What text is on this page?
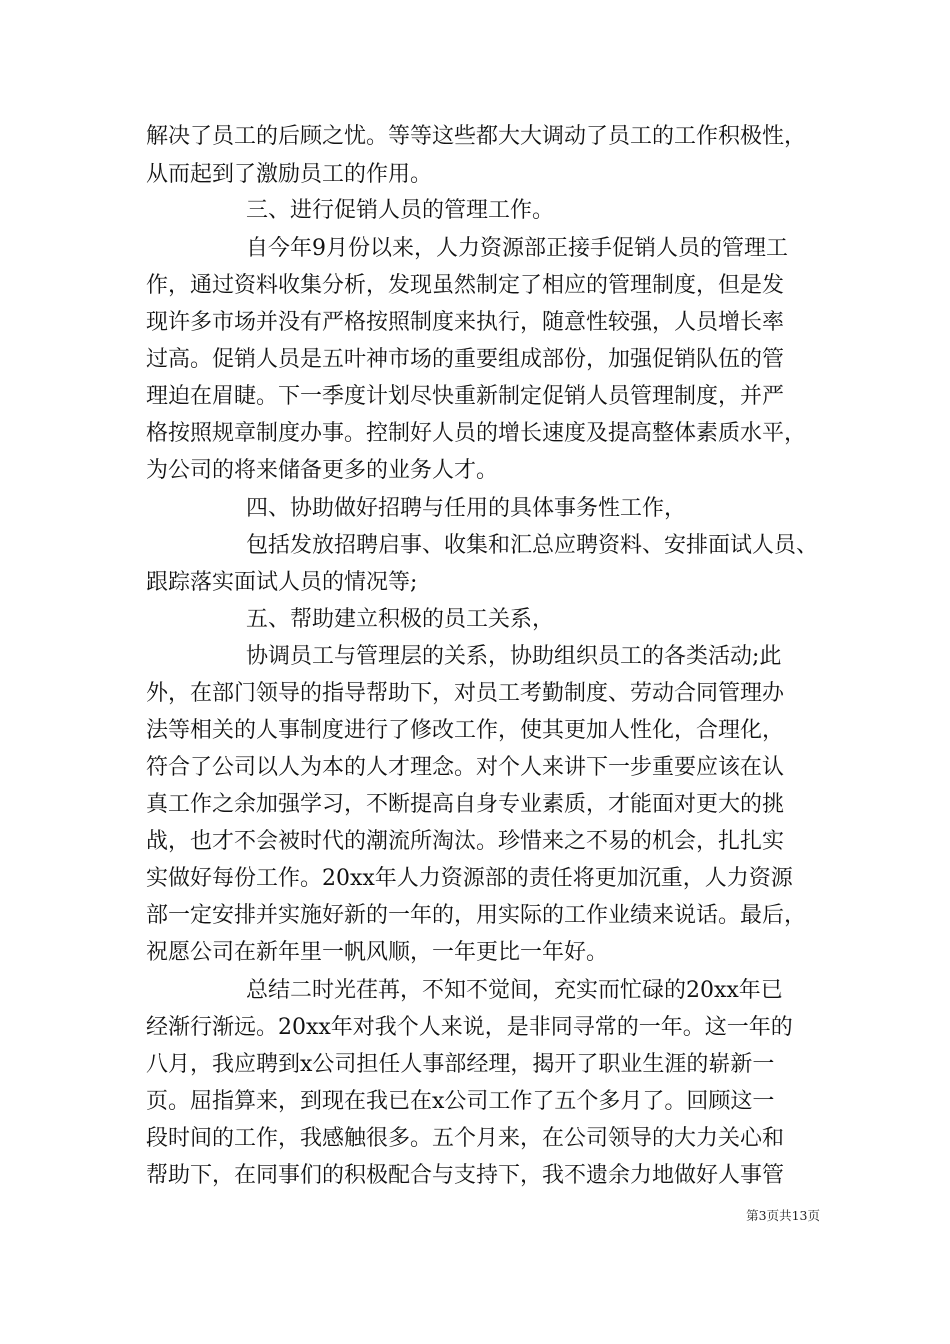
解决了员工的后顾之忧。等等这些都大大调动了员工的工作积极性，
从而起到了激励员工的作用。
三、进行促销人员的管理工作。
自今年9月份以来，人力资源部正接手促销人员的管理工
作，通过资料收集分析，发现虽然制定了相应的管理制度，但是发
现许多市场并没有严格按照制度来执行，随意性较强，人员增长率
过高。促销人员是五叶神市场的重要组成部份，加强促销队伍的管
理迫在眉睫。下一季度计划尽快重新制定促销人员管理制度，并严
格按照规章制度办事。控制好人员的增长速度及提高整体素质水平，
为公司的将来储备更多的业务人才。
四、协助做好招聘与任用的具体事务性工作，
包括发放招聘启事、收集和汇总应聘资料、安排面试人员、
跟踪落实面试人员的情况等;
五、帮助建立积极的员工关系，
协调员工与管理层的关系，协助组织员工的各类活动;此
外，在部门领导的指导帮助下，对员工考勤制度、劳动合同管理办
法等相关的人事制度进行了修改工作，使其更加人性化，合理化，
符合了公司以人为本的人才理念。对个人来讲下一步重要应该在认
真工作之余加强学习，不断提高自身专业素质，才能面对更大的挑
战，也才不会被时代的潮流所淘汰。珍惜来之不易的机会，扎扎实
实做好每份工作。20xx年人力资源部的责任将更加沉重，人力资源
部一定安排并实施好新的一年的，用实际的工作业绩来说话。最后，
祝愿公司在新年里一帆风顺，一年更比一年好。
总结二时光荏苒，不知不觉间，充实而忙碌的20xx年已
经渐行渐远。20xx年对我个人来说，是非同寻常的一年。这一年的
八月，我应聘到x公司担任人事部经理，揭开了职业生涯的崭新一
页。屈指算来，到现在我已在x公司工作了五个多月了。回顾这一
段时间的工作，我感触很多。五个月来，在公司领导的大力关心和
帮助下，在同事们的积极配合与支持下，我不遗余力地做好人事管
第3页共13页
